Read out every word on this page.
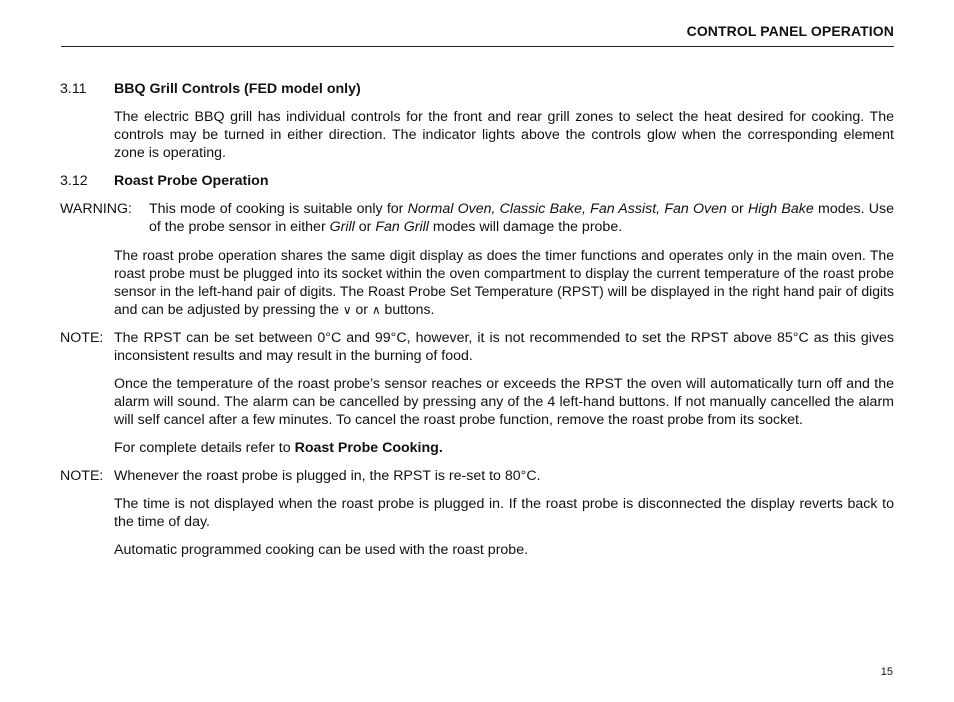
CONTROL PANEL OPERATION
3.11	BBQ Grill Controls (FED model only)
The electric BBQ grill has individual controls for the front and rear grill zones to select the heat desired for cooking. The controls may be turned in either direction. The indicator lights above the controls glow when the corresponding element zone is operating.
3.12	Roast Probe Operation
WARNING:	This mode of cooking is suitable only for Normal Oven, Classic Bake, Fan Assist, Fan Oven or High Bake modes. Use of the probe sensor in either Grill or Fan Grill modes will damage the probe.
The roast probe operation shares the same digit display as does the timer functions and operates only in the main oven. The roast probe must be plugged into its socket within the oven compartment to display the current temperature of the roast probe sensor in the left-hand pair of digits. The Roast Probe Set Temperature (RPST) will be displayed in the right hand pair of digits and can be adjusted by pressing the ∨ or ∧ buttons.
NOTE: The RPST can be set between 0°C and 99°C, however, it is not recommended to set the RPST above 85°C as this gives inconsistent results and may result in the burning of food.
Once the temperature of the roast probe’s sensor reaches or exceeds the RPST the oven will automatically turn off and the alarm will sound. The alarm can be cancelled by pressing any of the 4 left-hand buttons. If not manually cancelled the alarm will self cancel after a few minutes. To cancel the roast probe function, remove the roast probe from its socket.
For complete details refer to Roast Probe Cooking.
NOTE: Whenever the roast probe is plugged in, the RPST is re-set to 80°C.
The time is not displayed when the roast probe is plugged in. If the roast probe is disconnected the display reverts back to the time of day.
Automatic programmed cooking can be used with the roast probe.
15
